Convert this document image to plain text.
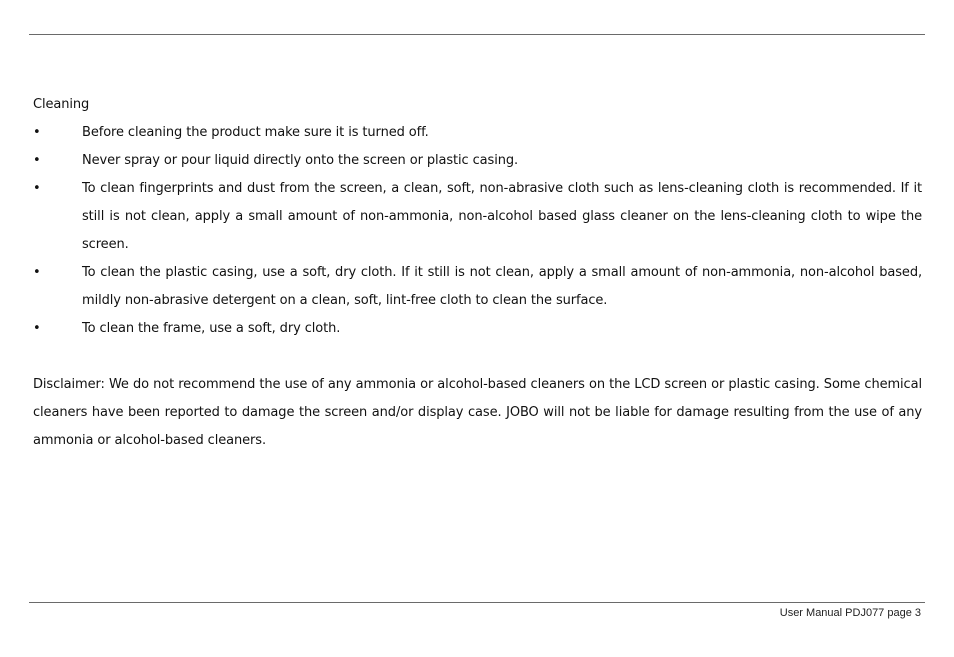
Cleaning
•	Before cleaning the product make sure it is turned off.
•	Never spray or pour liquid directly onto the screen or plastic casing.
•	To clean fingerprints and dust from the screen, a clean, soft, non-abrasive cloth such as lens-cleaning cloth is recommended. If it still is not clean, apply a small amount of non-ammonia, non-alcohol based glass cleaner on the lens-cleaning cloth to wipe the screen.
•	To clean the plastic casing, use a soft, dry cloth. If it still is not clean, apply a small amount of non-ammonia, non-alcohol based, mildly non-abrasive detergent on a clean, soft, lint-free cloth to clean the surface.
•	To clean the frame, use a soft, dry cloth.

Disclaimer: We do not recommend the use of any ammonia or alcohol-based cleaners on the LCD screen or plastic casing. Some chemical cleaners have been reported to damage the screen and/or display case. JOBO will not be liable for damage resulting from the use of any ammonia or alcohol-based cleaners.

User Manual PDJ077 page 3
